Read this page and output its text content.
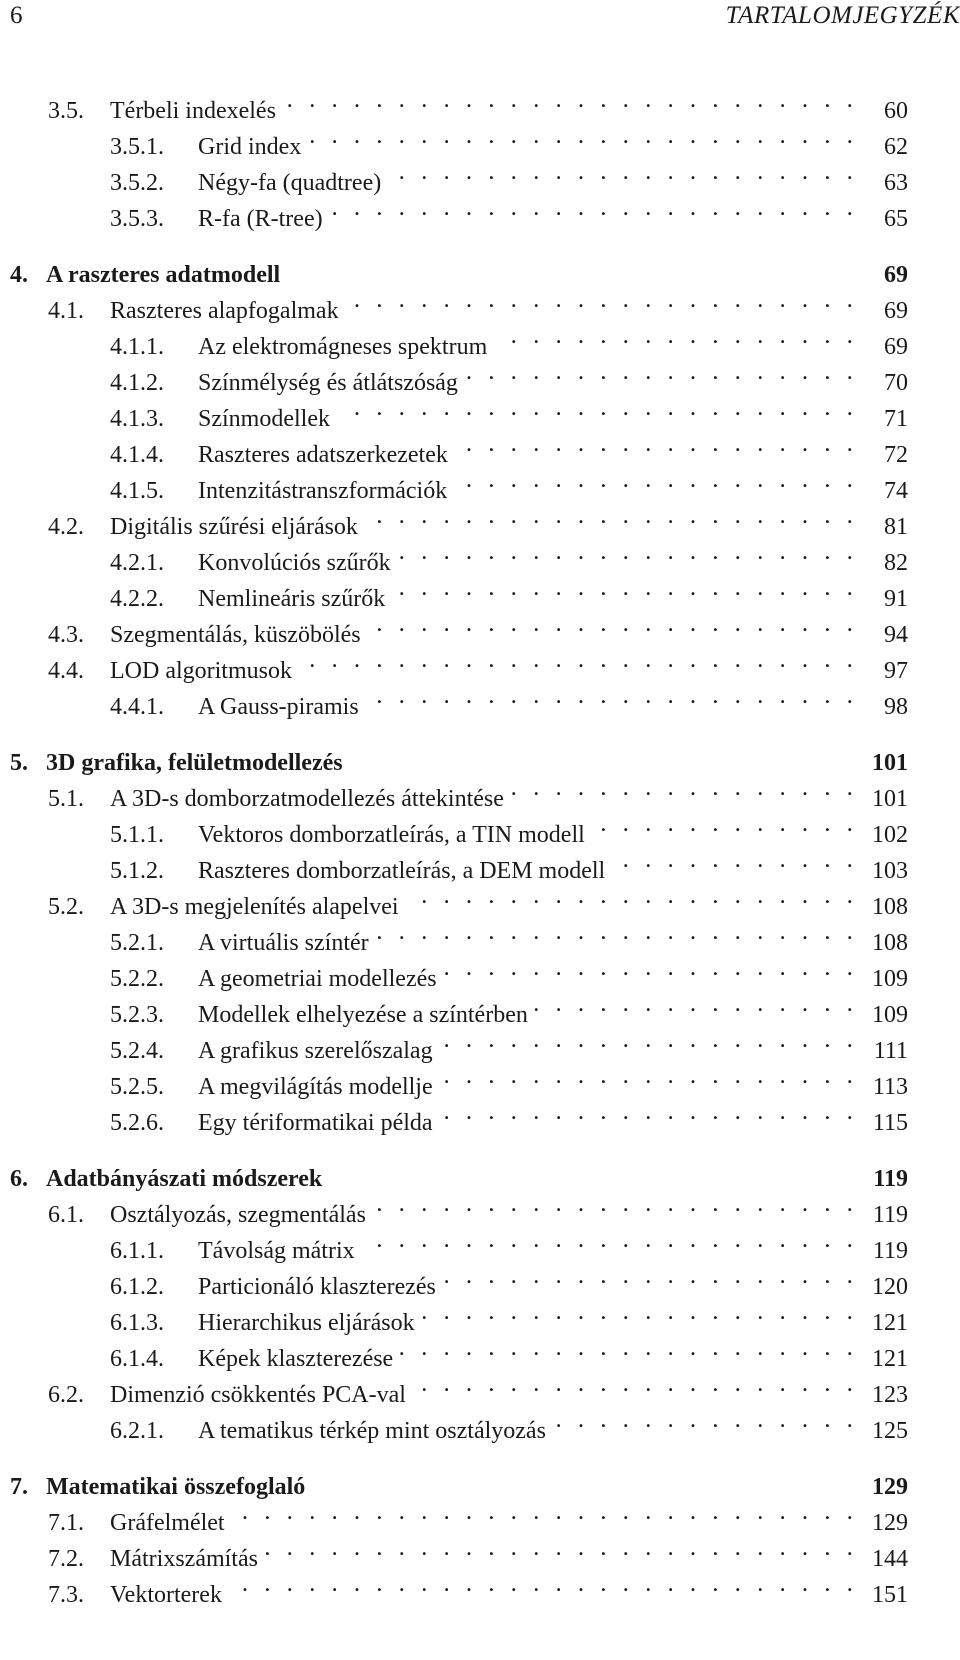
6	TARTALOMJEGYZÉK
3.5.	Térbeli indexelés . . .	60
3.5.1.	Grid index . . .	62
3.5.2.	Négy-fa (quadtree) . . .	63
3.5.3.	R-fa (R-tree) . . .	65
4. A raszteres adatmodell	69
4.1.	Raszteres alapfogalmak . . .	69
4.1.1.	Az elektromágneses spektrum . . .	69
4.1.2.	Színmélység és átlátszóság . . .	70
4.1.3.	Színmodellek . . .	71
4.1.4.	Raszteres adatszerkezetek . . .	72
4.1.5.	Intenzitástranszformációk . . .	74
4.2.	Digitális szűrési eljárások . . .	81
4.2.1.	Konvolúciós szűrők . . .	82
4.2.2.	Nemlineáris szűrők . . .	91
4.3.	Szegmentálás, küszöbölés . . .	94
4.4.	LOD algoritmusok . . .	97
4.4.1.	A Gauss-piramis . . .	98
5. 3D grafika, felületmodellezés	101
5.1.	A 3D-s domborzatmodellezés áttekintése . . .	101
5.1.1.	Vektoros domborzatleírás, a TIN modell . . .	102
5.1.2.	Raszteres domborzatleírás, a DEM modell . . .	103
5.2.	A 3D-s megjelenítés alapelvei . . .	108
5.2.1.	A virtuális színtér . . .	108
5.2.2.	A geometriai modellezés . . .	109
5.2.3.	Modellek elhelyezése a színtérben . . .	109
5.2.4.	A grafikus szerelőszalag . . .	111
5.2.5.	A megvilágítás modellje . . .	113
5.2.6.	Egy tériformatikai példa . . .	115
6. Adatbányászati módszerek	119
6.1.	Osztályozás, szegmentálás . . .	119
6.1.1.	Távolság mátrix . . .	119
6.1.2.	Particionáló klaszterezés . . .	120
6.1.3.	Hierarchikus eljárások . . .	121
6.1.4.	Képek klaszterezése . . .	121
6.2.	Dimenzió csökkentés PCA-val . . .	123
6.2.1.	A tematikus térkép mint osztályozás . . .	125
7. Matematikai összefoglaló	129
7.1.	Gráfelmélet . . .	129
7.2.	Mátrixszámítás . . .	144
7.3.	Vektorterek . . .	151
